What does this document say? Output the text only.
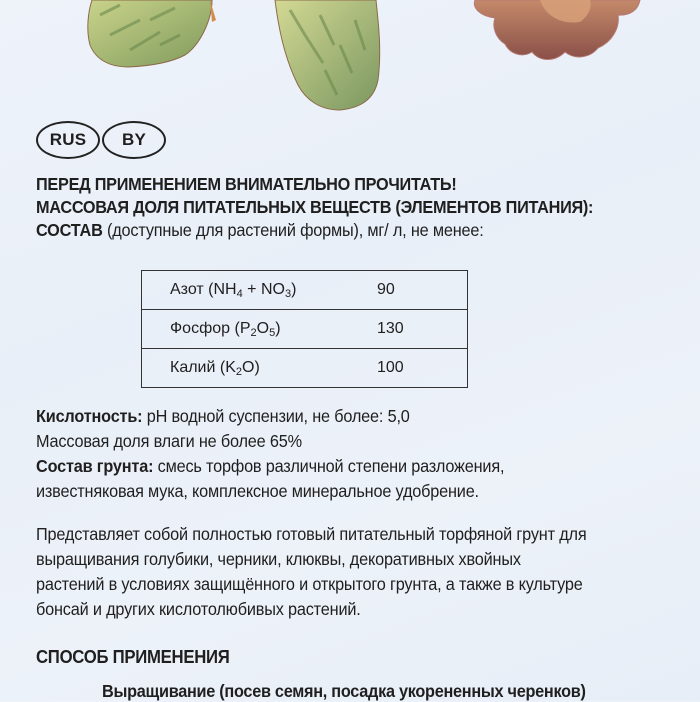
RUS	BY
ПЕРЕД ПРИМЕНЕНИЕМ ВНИМАТЕЛЬНО ПРОЧИТАТЬ!
МАССОВАЯ ДОЛЯ ПИТАТЕЛЬНЫХ ВЕЩЕСТВ (ЭЛЕМЕНТОВ ПИТАНИЯ):
СОСТАВ (доступные для растений формы), мг/ л, не менее:
Азот $(NH_4 + NO_3)$	90
Фосфор $(P_2O_5)$	130
Калий $(K_2O)$	100
Кислотность: pH водной суспензии, не более: 5,0
Массовая доля влаги не более 65%
Состав грунта: смесь торфов различной степени разложения,
известняковая мука, комплексное минеральное удобрение.
Представляет собой полностью готовый питательный торфяной грунт для
выращивания голубики, черники, клюквы, декоративных хвойных
растений в условиях защищённого и открытого грунта, а также в культуре
бонсай и других кислотолюбивых растений.
СПОСОБ ПРИМЕНЕНИЯ
Выращивание (посев семян, посадка укорененных черенков)
